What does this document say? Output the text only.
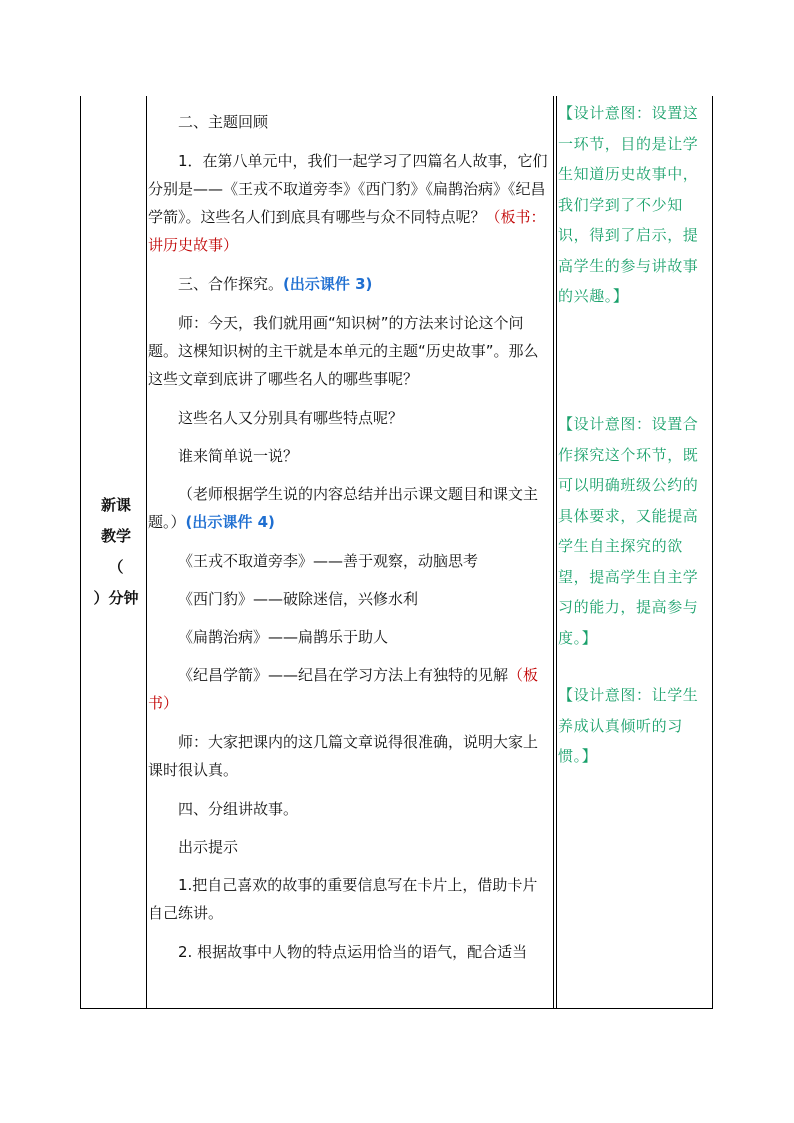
新课
教学
（
）分钟

二、主题回顾

1．在第八单元中，我们一起学习了四篇名人故事，它们分别是——《王戎不取道旁李》《西门豹》《扁鹊治病》《纪昌学箭》。这些名人们到底具有哪些与众不同特点呢？（板书：讲历史故事）

三、合作探究。(出示课件 3)

师：今天，我们就用画“知识树”的方法来讨论这个问题。这棵知识树的主干就是本单元的主题“历史故事”。那么这些文章到底讲了哪些名人的哪些事呢？

这些名人又分别具有哪些特点呢？

谁来简单说一说？

（老师根据学生说的内容总结并出示课文题目和课文主题。）(出示课件 4)

《王戎不取道旁李》——善于观察，动脑思考

《西门豹》——破除迷信，兴修水利

《扁鹊治病》——扁鹊乐于助人

《纪昌学箭》——纪昌在学习方法上有独特的见解（板书）

师：大家把课内的这几篇文章说得很准确，说明大家上课时很认真。

四、分组讲故事。

出示提示

1.把自己喜欢的故事的重要信息写在卡片上，借助卡片自己练讲。

2. 根据故事中人物的特点运用恰当的语气，配合适当

【设计意图：设置这一环节，目的是让学生知道历史故事中，我们学到了不少知识，得到了启示，提高学生的参与讲故事的兴趣。】
【设计意图：设置合作探究这个环节，既可以明确班级公约的具体要求，又能提高学生自主探究的欲望，提高学生自主学习的能力，提高参与度。】
【设计意图：让学生养成认真倾听的习惯。】
